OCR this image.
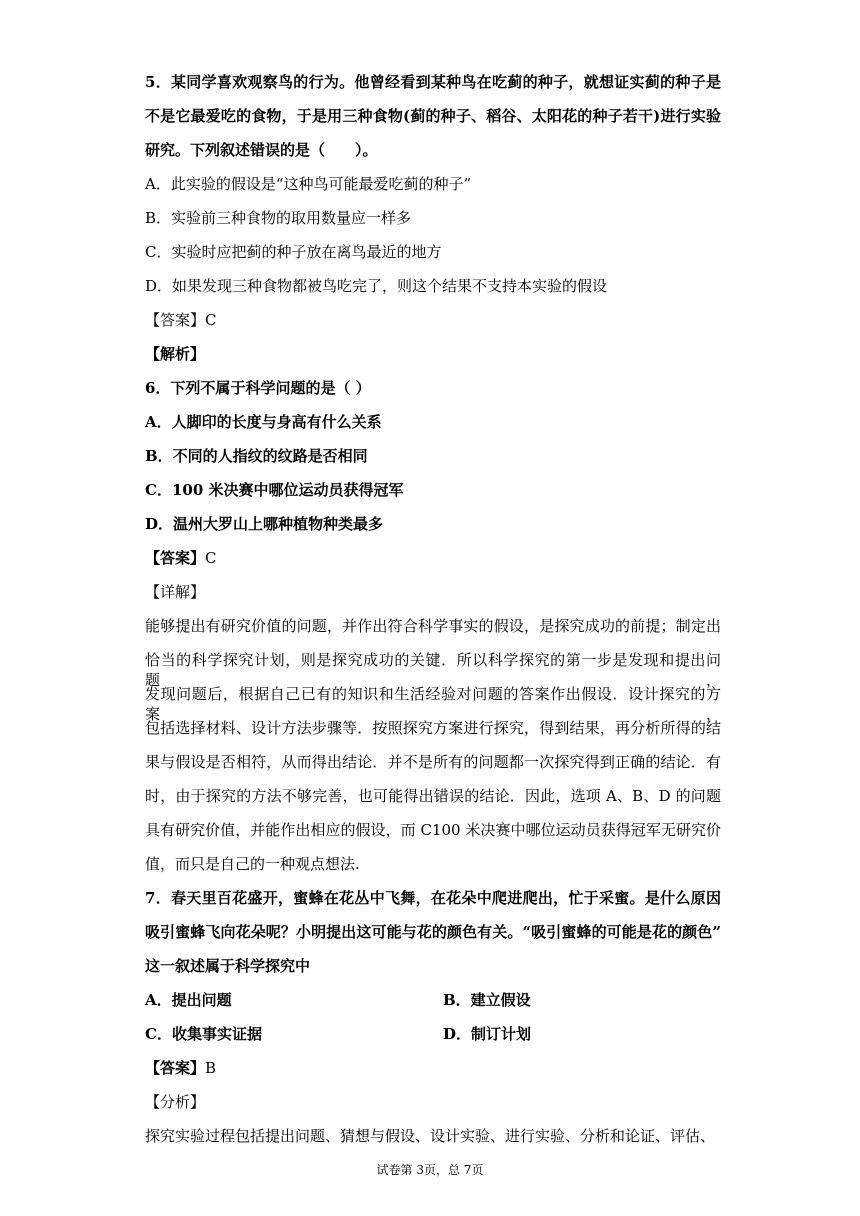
5．某同学喜欢观察鸟的行为。他曾经看到某种鸟在吃蓟的种子，就想证实蓟的种子是
不是它最爱吃的食物，于是用三种食物(蓟的种子、稻谷、太阳花的种子若干)进行实验
研究。下列叙述错误的是（　　）。
A．此实验的假设是“这种鸟可能最爱吃蓟的种子”
B．实验前三种食物的取用数量应一样多
C．实验时应把蓟的种子放在离鸟最近的地方
D．如果发现三种食物都被鸟吃完了，则这个结果不支持本实验的假设
【答案】C
【解析】
6．下列不属于科学问题的是（ ）
A．人脚印的长度与身高有什么关系
B．不同的人指纹的纹路是否相同
C．100 米决赛中哪位运动员获得冠军
D．温州大罗山上哪种植物种类最多
【答案】C
【详解】
能够提出有研究价值的问题，并作出符合科学事实的假设，是探究成功的前提；制定出
恰当的科学探究计划，则是探究成功的关键．所以科学探究的第一步是发现和提出问题，
发现问题后，根据自己已有的知识和生活经验对问题的答案作出假设．设计探究的方案，
包括选择材料、设计方法步骤等．按照探究方案进行探究，得到结果，再分析所得的结
果与假设是否相符，从而得出结论．并不是所有的问题都一次探究得到正确的结论．有
时，由于探究的方法不够完善，也可能得出错误的结论．因此，选项 A、B、D 的问题
具有研究价值，并能作出相应的假设，而 C100 米决赛中哪位运动员获得冠军无研究价
值，而只是自己的一种观点想法.
7．春天里百花盛开，蜜蜂在花丛中飞舞，在花朵中爬进爬出，忙于采蜜。是什么原因
吸引蜜蜂飞向花朵呢？小明提出这可能与花的颜色有关。“吸引蜜蜂的可能是花的颜色”
这一叙述属于科学探究中
A．提出问题	B．建立假设
C．收集事实证据	D．制订计划
【答案】B
【分析】
探究实验过程包括提出问题、猜想与假设、设计实验、进行实验、分析和论证、评估、
试卷第 3页，总 7页
